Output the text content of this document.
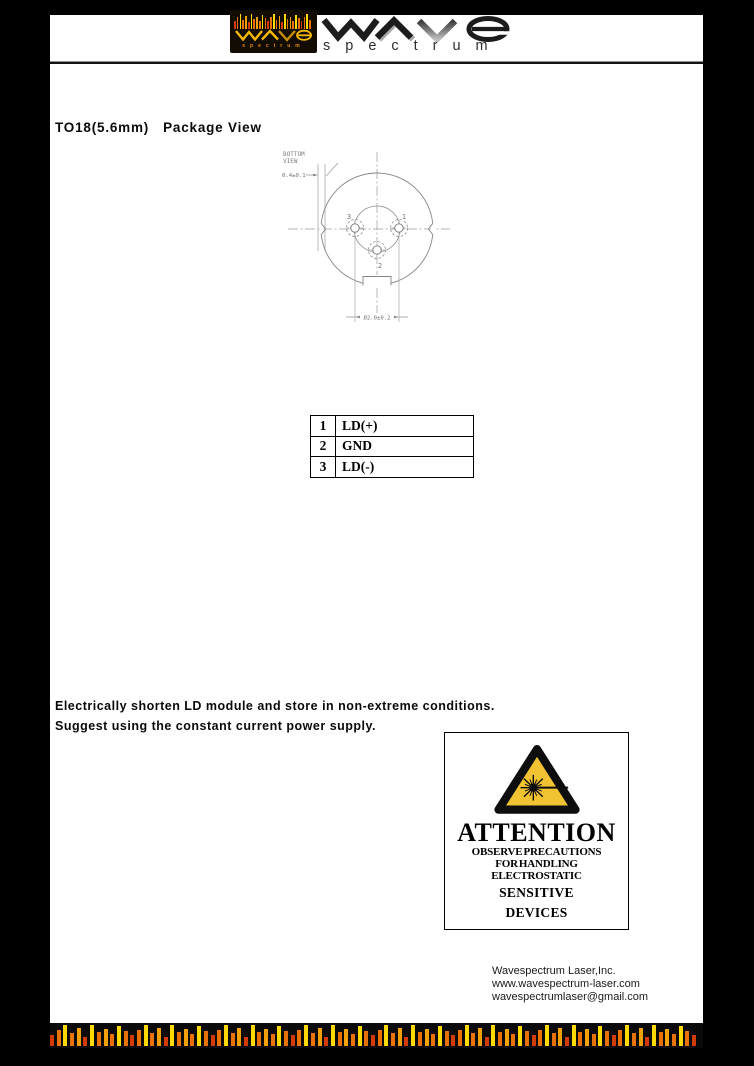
spectrum	spectrum
TO18(5.6mm) Package View
BOTTOM
VIEW
0.4±0.1
3	1
2
Ø2.0±0.2
1	LD(+)
2	GND
3	LD(-)
Electrically shorten LD module and store in non-extreme conditions.
Suggest using the constant current power supply.
ATTENTION
OBSERVE PRECAUTIONS
FOR HANDLING
ELECTROSTATIC
SENSITIVE
DEVICES
Wavespectrum Laser,Inc.
www.wavespectrum-laser.com
wavespectrumlaser@gmail.com
